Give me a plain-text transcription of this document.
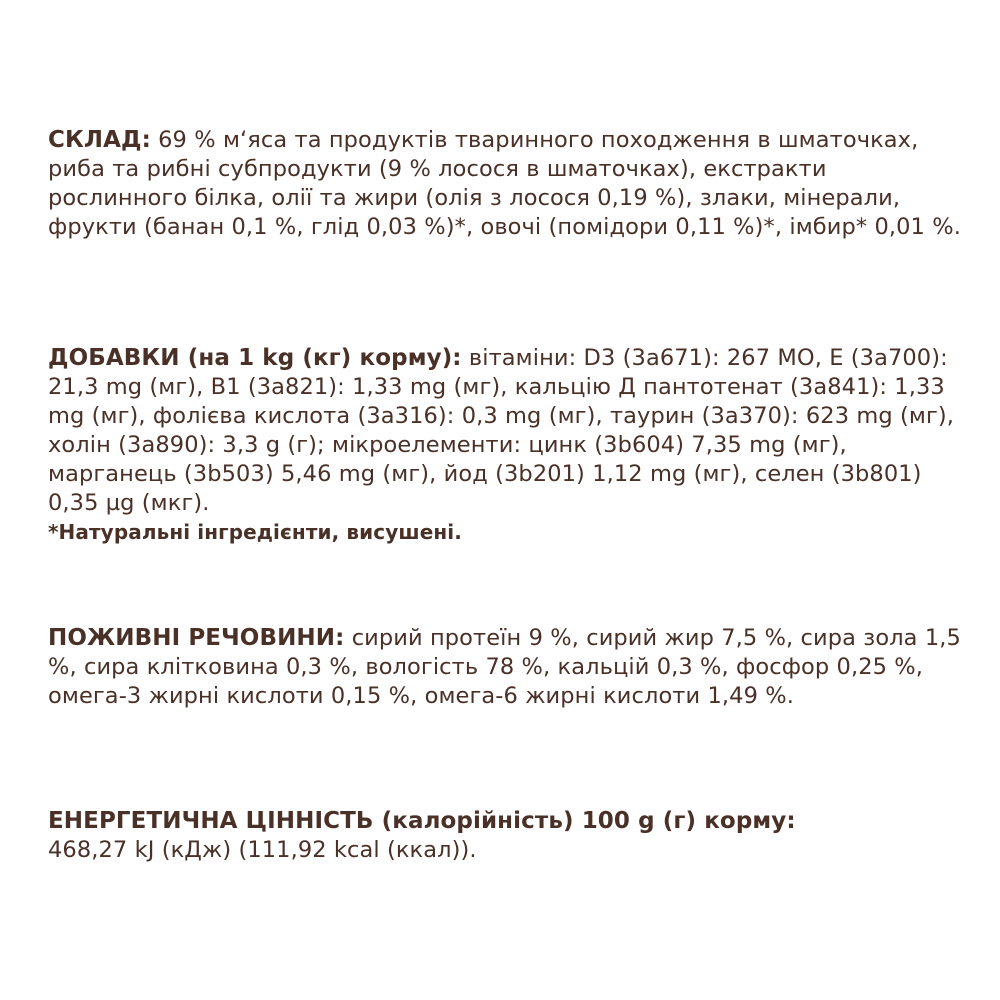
СКЛАД: 69 % м‘яса та продуктів тваринного походження в шматочках, риба та рибні субпродукти (9 % лосося в шматочках), екстракти рослинного білка, олії та жири (олія з лосося 0,19 %), злаки, мінерали, фрукти (банан 0,1 %, глід 0,03 %)*, овочі (помідори 0,11 %)*, імбир* 0,01 %.

ДОБАВКИ (на 1 kg (кг) корму): вітаміни: D3 (3a671): 267 МО, Е (3a700): 21,3 mg (мг), В1 (3a821): 1,33 mg (мг), кальцію Д пантотенат (3a841): 1,33 mg (мг), фолієва кислота (3a316): 0,3 mg (мг), таурин (3a370): 623 mg (мг), холін (3a890): 3,3 g (г); мікроелементи: цинк (3b604) 7,35 mg (мг), марганець (3b503) 5,46 mg (мг), йод (3b201) 1,12 mg (мг), селен (3b801) 0,35 µg (мкг).
*Натуральні інгредієнти, висушені.

ПОЖИВНІ РЕЧОВИНИ: сирий протеїн 9 %, сирий жир 7,5 %, сира зола 1,5 %, сира клітковина 0,3 %, вологість 78 %, кальцій 0,3 %, фосфор 0,25 %, омега-3 жирні кислоти 0,15 %, омега-6 жирні кислоти 1,49 %.

ЕНЕРГЕТИЧНА ЦІННІСТЬ (калорійність) 100 g (г) корму:
468,27 kJ (кДж) (111,92 kcal (ккал)).
